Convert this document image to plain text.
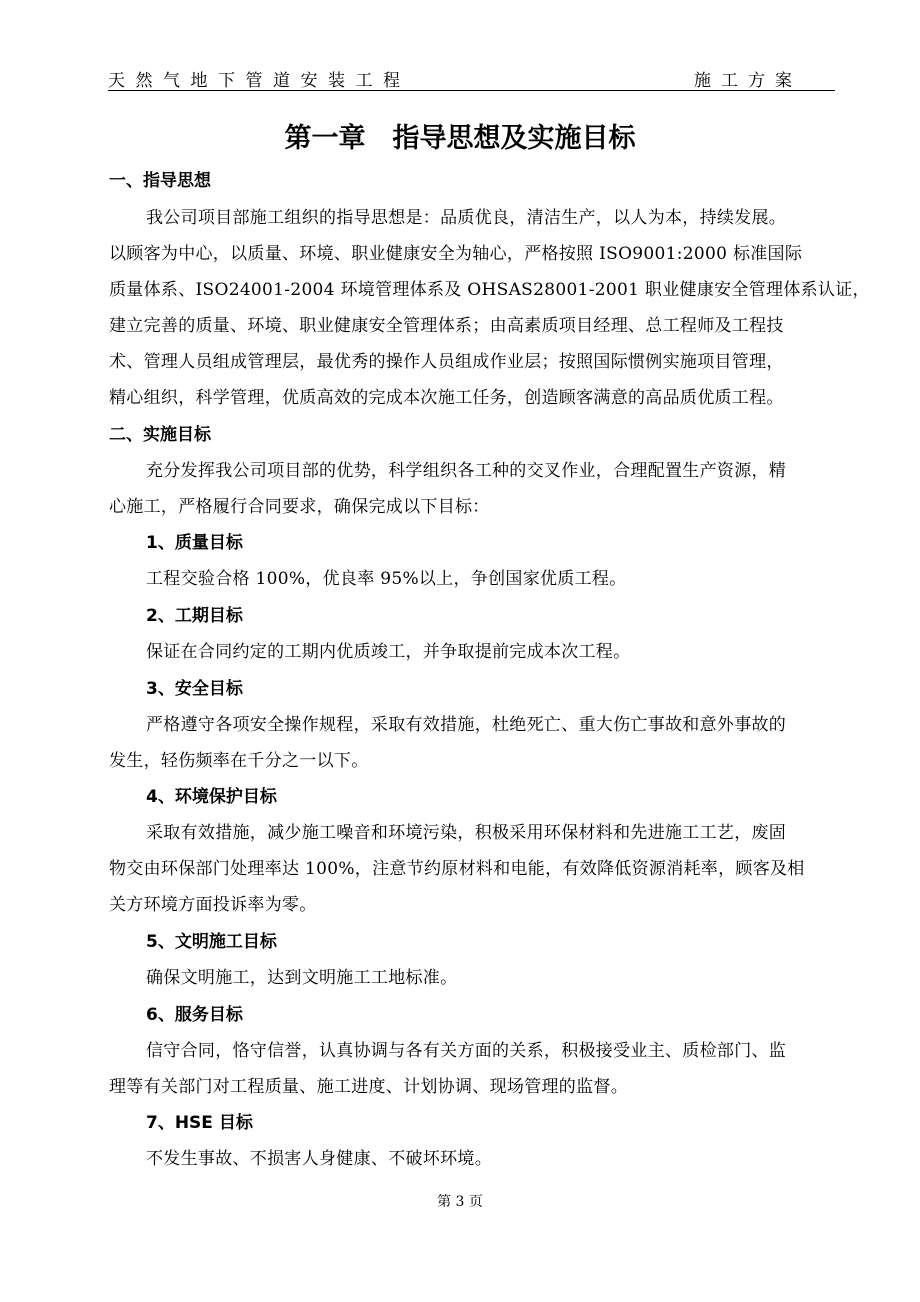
天然气地下管道安装工程	施工方案
第一章　指导思想及实施目标
一、指导思想
我公司项目部施工组织的指导思想是：品质优良，清洁生产，以人为本，持续发展。
以顾客为中心，以质量、环境、职业健康安全为轴心，严格按照 ISO9001:2000 标准国际
质量体系、ISO24001-2004 环境管理体系及 OHSAS28001-2001 职业健康安全管理体系认证，
建立完善的质量、环境、职业健康安全管理体系；由高素质项目经理、总工程师及工程技
术、管理人员组成管理层，最优秀的操作人员组成作业层；按照国际惯例实施项目管理，
精心组织，科学管理，优质高效的完成本次施工任务，创造顾客满意的高品质优质工程。
二、实施目标
充分发挥我公司项目部的优势，科学组织各工种的交叉作业，合理配置生产资源，精
心施工，严格履行合同要求，确保完成以下目标：
1、质量目标
工程交验合格 100%，优良率 95%以上，争创国家优质工程。
2、工期目标
保证在合同约定的工期内优质竣工，并争取提前完成本次工程。
3、安全目标
严格遵守各项安全操作规程，采取有效措施，杜绝死亡、重大伤亡事故和意外事故的
发生，轻伤频率在千分之一以下。
4、环境保护目标
采取有效措施，减少施工噪音和环境污染，积极采用环保材料和先进施工工艺，废固
物交由环保部门处理率达 100%，注意节约原材料和电能，有效降低资源消耗率，顾客及相
关方环境方面投诉率为零。
5、文明施工目标
确保文明施工，达到文明施工工地标准。
6、服务目标
信守合同，恪守信誉，认真协调与各有关方面的关系，积极接受业主、质检部门、监
理等有关部门对工程质量、施工进度、计划协调、现场管理的监督。
7、HSE 目标
不发生事故、不损害人身健康、不破坏环境。
第 3 页
